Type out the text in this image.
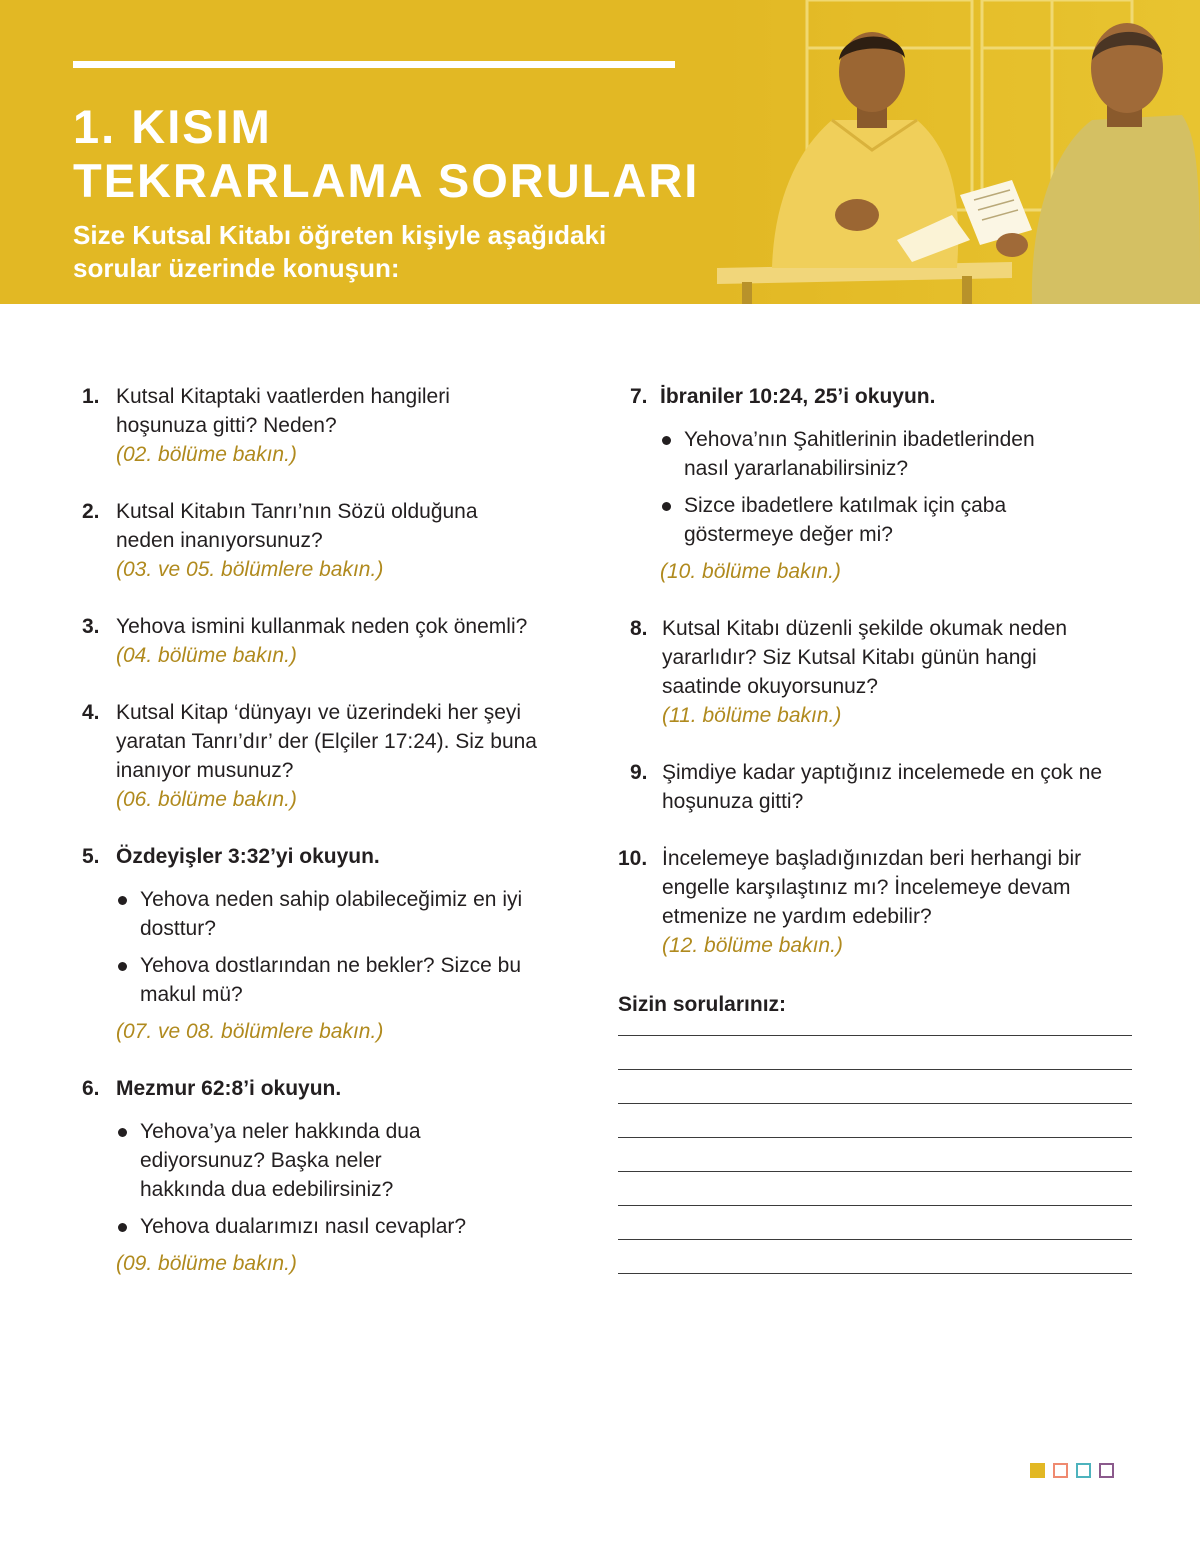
1. KISIM
TEKRARLAMA SORULARI

Size Kutsal Kitabı öğreten kişiyle aşağıdaki sorular üzerinde konuşun:

1. Kutsal Kitaptaki vaatlerden hangileri hoşunuza gitti? Neden?
(02. bölüme bakın.)
2. Kutsal Kitabın Tanrı’nın Sözü olduğuna neden inanıyorsunuz?
(03. ve 05. bölümlere bakın.)
3. Yehova ismini kullanmak neden çok önemli?
(04. bölüme bakın.)
4. Kutsal Kitap ‘dünyayı ve üzerindeki her şeyi yaratan Tanrı’dır’ der (Elçiler 17:24). Siz buna inanıyor musunuz?
(06. bölüme bakın.)
5. Özdeyişler 3:32’yi okuyun.
Yehova neden sahip olabileceğimiz en iyi dosttur?
Yehova dostlarından ne bekler? Sizce bu makul mü?
(07. ve 08. bölümlere bakın.)
6. Mezmur 62:8’i okuyun.
Yehova’ya neler hakkında dua ediyorsunuz? Başka neler hakkında dua edebilirsiniz?
Yehova dualarımızı nasıl cevaplar?
(09. bölüme bakın.)
7. İbraniler 10:24, 25’i okuyun.
Yehova’nın Şahitlerinin ibadetlerinden nasıl yararlanabilirsiniz?
Sizce ibadetlere katılmak için çaba göstermeye değer mi?
(10. bölüme bakın.)
8. Kutsal Kitabı düzenli şekilde okumak neden yararlıdır? Siz Kutsal Kitabı günün hangi saatinde okuyorsunuz?
(11. bölüme bakın.)
9. Şimdiye kadar yaptığınız incelemede en çok ne hoşunuza gitti?
10. İncelemeye başladığınızdan beri herhangi bir engelle karşılaştınız mı? İncelemeye devam etmenize ne yardım edebilir?
(12. bölüme bakın.)

Sizin sorularınız:
